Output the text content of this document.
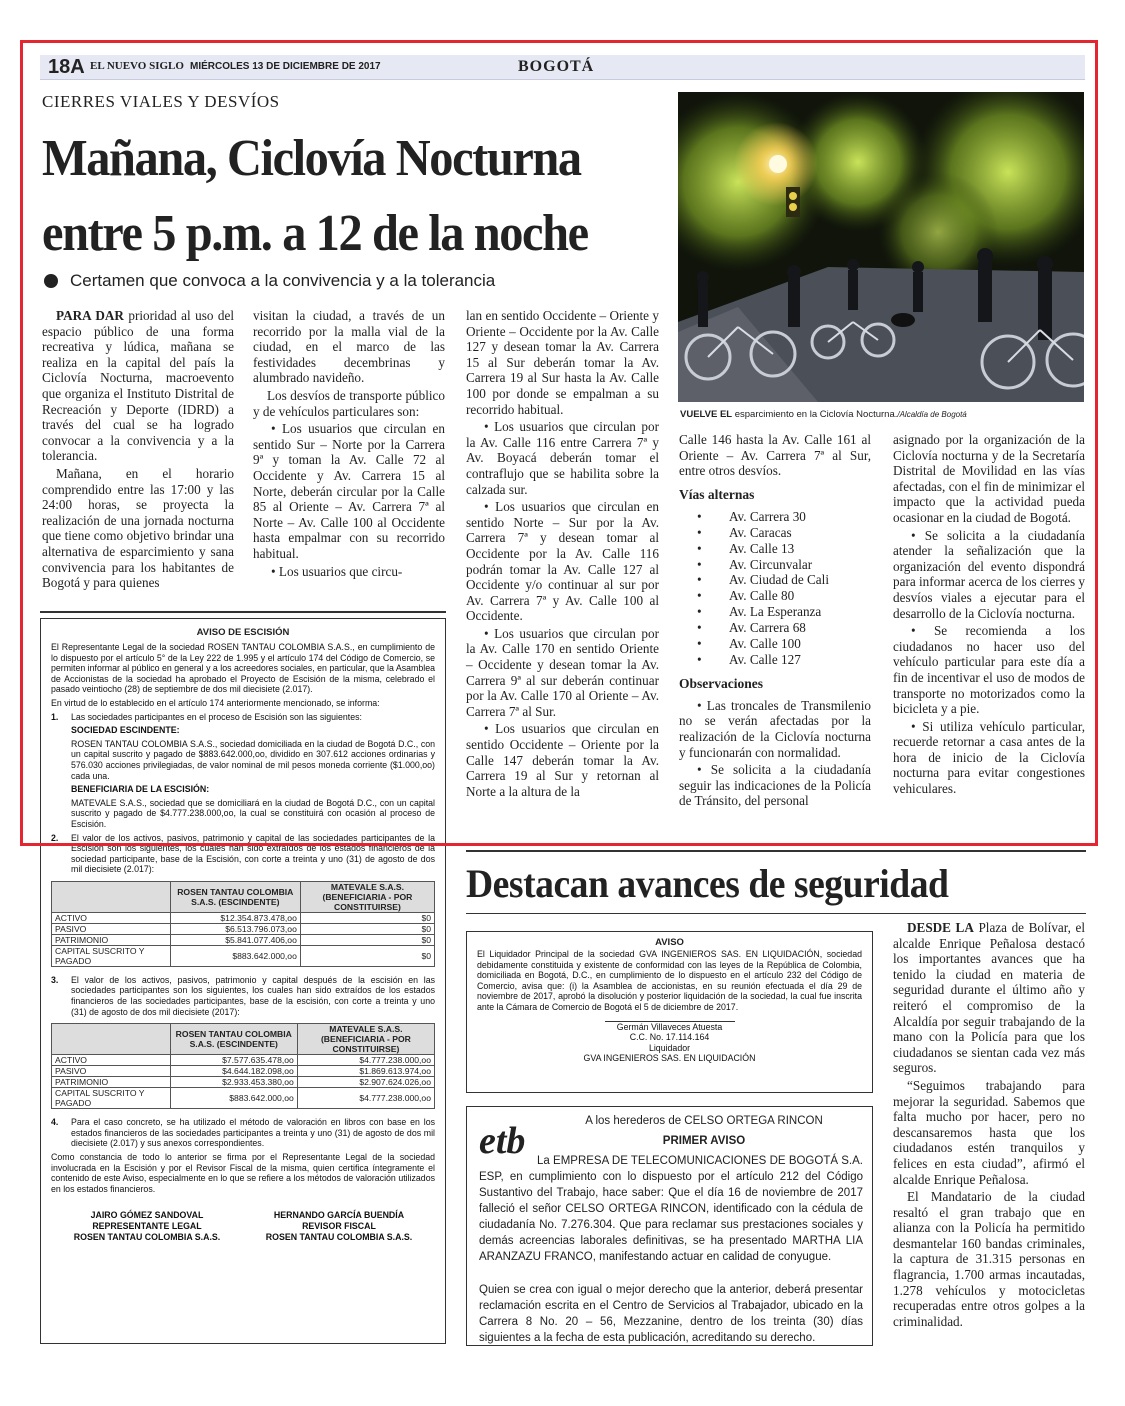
18A EL NUEVO SIGLO MIÉRCOLES 13 DE DICIEMBRE DE 2017	BOGOTÁ
CIERRES VIALES Y DESVÍOS
Mañana, Ciclovía Nocturna
entre 5 p.m. a 12 de la noche
Certamen que convoca a la convivencia y a la tolerancia
VUELVE EL esparcimiento en la Ciclovía Nocturna./Alcaldía de Bogotá

PARA DAR prioridad al uso del espacio público de una forma recreativa y lúdica, mañana se realiza en la capital del país la Ciclovía Nocturna, macroevento que organiza el Instituto Distrital de Recreación y Deporte (IDRD) a través del cual se ha logrado convocar a la convivencia y a la tolerancia.

Mañana, en el horario comprendido entre las 17:00 y las 24:00 horas, se proyecta la realización de una jornada nocturna que tiene como objetivo brindar una alternativa de esparcimiento y sana convivencia para los habitantes de Bogotá y para quienes

visitan la ciudad, a través de un recorrido por la malla vial de la ciudad, en el marco de las festividades decembrinas y alumbrado navideño.

Los desvíos de transporte público y de vehículos particulares son:

• Los usuarios que circulan en sentido Sur – Norte por la Carrera 9ª y toman la Av. Calle 72 al Occidente y Av. Carrera 15 al Norte, deberán circular por la Calle 85 al Oriente – Av. Carrera 7ª al Norte – Av. Calle 100 al Occidente hasta empalmar con su recorrido habitual.

• Los usuarios que circu-

lan en sentido Occidente – Oriente y Oriente – Occidente por la Av. Calle 127 y desean tomar la Av. Carrera 15 al Sur deberán tomar la Av. Carrera 19 al Sur hasta la Av. Calle 100 por donde se empalman a su recorrido habitual.

• Los usuarios que circulan por la Av. Calle 116 entre Carrera 7ª y Av. Boyacá deberán tomar el contraflujo que se habilita sobre la calzada sur.

• Los usuarios que circulan en sentido Norte – Sur por la Av. Carrera 7ª y desean tomar al Occidente por la Av. Calle 116 podrán tomar la Av. Calle 127 al Occidente y/o continuar al sur por Av. Carrera 7ª y Av. Calle 100 al Occidente.

• Los usuarios que circulan por la Av. Calle 170 en sentido Oriente – Occidente y desean tomar la Av. Carrera 9ª al sur deberán continuar por la Av. Calle 170 al Oriente – Av. Carrera 7ª al Sur.

• Los usuarios que circulan en sentido Occidente – Oriente por la Calle 147 deberán tomar la Av. Carrera 19 al Sur y retornan al Norte a la altura de la

Calle 146 hasta la Av. Calle 161 al Oriente – Av. Carrera 7ª al Sur, entre otros desvíos.

Vías alternas
• Av. Carrera 30
• Av. Caracas
• Av. Calle 13
• Av. Circunvalar
• Av. Ciudad de Cali
• Av. Calle 80
• Av. La Esperanza
• Av. Carrera 68
• Av. Calle 100
• Av. Calle 127
Observaciones

• Las troncales de Transmilenio no se verán afectadas por la realización de la Ciclovía nocturna y funcionarán con normalidad.

• Se solicita a la ciudadanía seguir las indicaciones de la Policía de Tránsito, del personal

asignado por la organización de la Ciclovía nocturna y de la Secretaría Distrital de Movilidad en las vías afectadas, con el fin de minimizar el impacto que la actividad pueda ocasionar en la ciudad de Bogotá.

• Se solicita a la ciudadanía atender la señalización que la organización del evento dispondrá para informar acerca de los cierres y desvíos viales a ejecutar para el desarrollo de la Ciclovía nocturna.

• Se recomienda a los ciudadanos no hacer uso del vehículo particular para este día a fin de incentivar el uso de modos de transporte no motorizados como la bicicleta y a pie.

• Si utiliza vehículo particular, recuerde retornar a casa antes de la hora de inicio de la Ciclovía nocturna para evitar congestiones vehiculares.

AVISO DE ESCISIÓN
El Representante Legal de la sociedad ROSEN TANTAU COLOMBIA S.A.S., en cumplimiento de lo dispuesto por el artículo 5° de la Ley 222 de 1.995 y el artículo 174 del Código de Comercio, se permiten informar al público en general y a los acreedores sociales, en particular, que la Asamblea de Accionistas de la sociedad ha aprobado el Proyecto de Escisión de la misma, celebrado el pasado veintiocho (28) de septiembre de dos mil diecisiete (2.017).
En virtud de lo establecido en el artículo 174 anteriormente mencionado, se informa:
1.	Las sociedades participantes en el proceso de Escisión son las siguientes:
SOCIEDAD ESCINDENTE:
ROSEN TANTAU COLOMBIA S.A.S., sociedad domiciliada en la ciudad de Bogotá D.C., con un capital suscrito y pagado de $883.642.000,oo, dividido en 307.612 acciones ordinarias y 576.030 acciones privilegiadas, de valor nominal de mil pesos moneda corriente ($1.000,oo) cada una.
BENEFICIARIA DE LA ESCISIÓN:
MATEVALE S.A.S., sociedad que se domiciliará en la ciudad de Bogotá D.C., con un capital suscrito y pagado de $4.777.238.000,oo, la cual se constituirá con ocasión al proceso de Escisión.
2.	El valor de los activos, pasivos, patrimonio y capital de las sociedades participantes de la Escisión son los siguientes, los cuales han sido extraídos de los estados financieros de la sociedad participante, base de la Escisión, con corte a treinta y uno (31) de agosto de dos mil diecisiete (2.017):
	ROSEN TANTAU COLOMBIA S.A.S. (ESCINDENTE)	MATEVALE S.A.S. (BENEFICIARIA - POR CONSTITUIRSE)
ACTIVO	$12.354.873.478,oo	$0
PASIVO	$6.513.796.073,oo	$0
PATRIMONIO	$5.841.077.406,oo	$0
CAPITAL SUSCRITO Y PAGADO	$883.642.000,oo	$0
3.	El valor de los activos, pasivos, patrimonio y capital después de la escisión en las sociedades participantes son los siguientes, los cuales han sido extraídos de los estados financieros de las sociedades participantes, base de la escisión, con corte a treinta y uno (31) de agosto de dos mil diecisiete (2017):
	ROSEN TANTAU COLOMBIA S.A.S. (ESCINDENTE)	MATEVALE S.A.S. (BENEFICIARIA - POR CONSTITUIRSE)
ACTIVO	$7.577.635.478,oo	$4.777.238.000,oo
PASIVO	$4.644.182.098,oo	$1.869.613.974,oo
PATRIMONIO	$2.933.453.380,oo	$2.907.624.026,oo
CAPITAL SUSCRITO Y PAGADO	$883.642.000,oo	$4.777.238.000,oo
4.	Para el caso concreto, se ha utilizado el método de valoración en libros con base en los estados financieros de las sociedades participantes a treinta y uno (31) de agosto de dos mil diecisiete (2.017) y sus anexos correspondientes.
Como constancia de todo lo anterior se firma por el Representante Legal de la sociedad involucrada en la Escisión y por el Revisor Fiscal de la misma, quien certifica íntegramente el contenido de este Aviso, especialmente en lo que se refiere a los métodos de valoración utilizados en los estados financieros.
JAIRO GÓMEZ SANDOVAL
REPRESENTANTE LEGAL
ROSEN TANTAU COLOMBIA S.A.S.
HERNANDO GARCÍA BUENDÍA
REVISOR FISCAL
ROSEN TANTAU COLOMBIA S.A.S.
Destacan avances de seguridad

DESDE LA Plaza de Bolívar, el alcalde Enrique Peñalosa destacó los importantes avances que ha tenido la ciudad en materia de seguridad durante el último año y reiteró el compromiso de la Alcaldía por seguir trabajando de la mano con la Policía para que los ciudadanos se sientan cada vez más seguros.

“Seguimos trabajando para mejorar la seguridad. Sabemos que falta mucho por hacer, pero no descansaremos hasta que los ciudadanos estén tranquilos y felices en esta ciudad”, afirmó el alcalde Enrique Peñalosa.

El Mandatario de la ciudad resaltó el gran trabajo que en alianza con la Policía ha permitido desmantelar 160 bandas criminales, la captura de 31.315 personas en flagrancia, 1.700 armas incautadas, 1.278 vehículos y motocicletas recuperadas entre otros golpes a la criminalidad.

AVISO
El Liquidador Principal de la sociedad GVA INGENIEROS SAS. EN LIQUIDACIÓN, sociedad debidamente constituida y existente de conformidad con las leyes de la República de Colombia, domiciliada en Bogotá, D.C., en cumplimiento de lo dispuesto en el artículo 232 del Código de Comercio, avisa que: (i) la Asamblea de accionistas, en su reunión efectuada el día 29 de noviembre de 2017, aprobó la disolución y posterior liquidación de la sociedad, la cual fue inscrita ante la Cámara de Comercio de Bogotá el 5 de diciembre de 2017.
Germán Villaveces Atuesta
C.C. No. 17.114.164
Liquidador
GVA INGENIEROS SAS. EN LIQUIDACIÓN
etb	A los herederos de CELSO ORTEGA RINCON
PRIMER AVISO
La EMPRESA DE TELECOMUNICACIONES DE BOGOTÁ S.A. ESP, en cumplimiento con lo dispuesto por el artículo 212 del Código Sustantivo del Trabajo, hace saber: Que el día 16 de noviembre de 2017 falleció el señor CELSO ORTEGA RINCON, identificado con la cédula de ciudadanía No. 7.276.304. Que para reclamar sus prestaciones sociales y demás acreencias laborales definitivas, se ha presentado MARTHA LIA ARANZAZU FRANCO, manifestando actuar en calidad de conyugue.
Quien se crea con igual o mejor derecho que la anterior, deberá presentar reclamación escrita en el Centro de Servicios al Trabajador, ubicado en la Carrera 8 No. 20 – 56, Mezzanine, dentro de los treinta (30) días siguientes a la fecha de esta publicación, acreditando su derecho.
